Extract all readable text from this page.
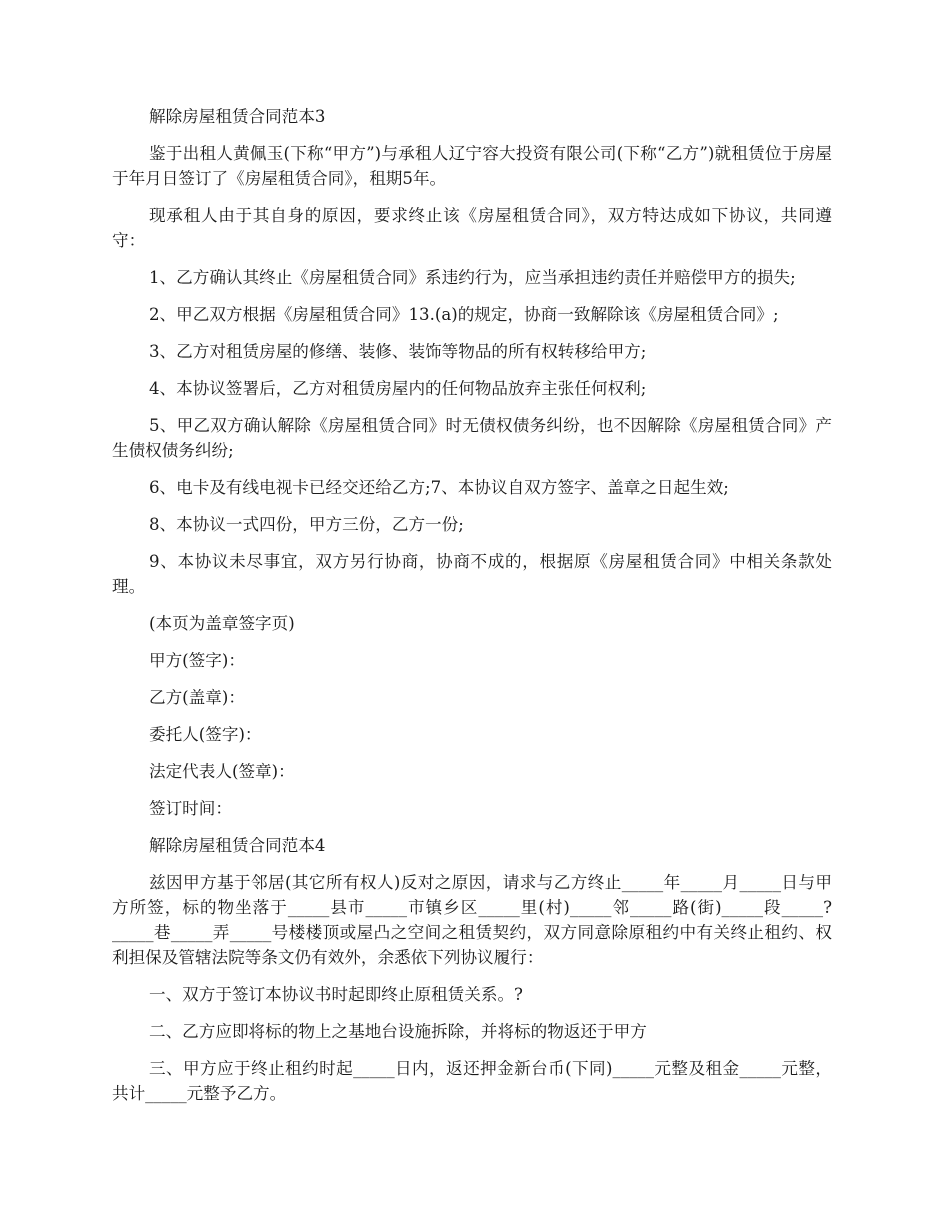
解除房屋租赁合同范本3

鉴于出租人黄佩玉(下称“甲方”)与承租人辽宁容大投资有限公司(下称“乙方”)就租赁位于房屋于年月日签订了《房屋租赁合同》，租期5年。

现承租人由于其自身的原因，要求终止该《房屋租赁合同》，双方特达成如下协议，共同遵守：

1、乙方确认其终止《房屋租赁合同》系违约行为，应当承担违约责任并赔偿甲方的损失;

2、甲乙双方根据《房屋租赁合同》13.(a)的规定，协商一致解除该《房屋租赁合同》;

3、乙方对租赁房屋的修缮、装修、装饰等物品的所有权转移给甲方;

4、本协议签署后，乙方对租赁房屋内的任何物品放弃主张任何权利;

5、甲乙双方确认解除《房屋租赁合同》时无债权债务纠纷，也不因解除《房屋租赁合同》产生债权债务纠纷;

6、电卡及有线电视卡已经交还给乙方;7、本协议自双方签字、盖章之日起生效;

8、本协议一式四份，甲方三份，乙方一份;

9、本协议未尽事宜，双方另行协商，协商不成的，根据原《房屋租赁合同》中相关条款处理。

(本页为盖章签字页)

甲方(签字)：

乙方(盖章)：

委托人(签字)：

法定代表人(签章)：

签订时间：

解除房屋租赁合同范本4

兹因甲方基于邻居(其它所有权人)反对之原因，请求与乙方终止_____年_____月_____日与甲方所签，标的物坐落于_____县市_____市镇乡区_____里(村)_____邻_____路(街)_____段_____?_____巷_____弄_____号楼楼顶或屋凸之空间之租赁契约，双方同意除原租约中有关终止租约、权利担保及管辖法院等条文仍有效外，余悉依下列协议履行：

一、双方于签订本协议书时起即终止原租赁关系。?

二、乙方应即将标的物上之基地台设施拆除，并将标的物返还于甲方

三、甲方应于终止租约时起_____日内，返还押金新台币(下同)_____元整及租金_____元整，共计_____元整予乙方。
